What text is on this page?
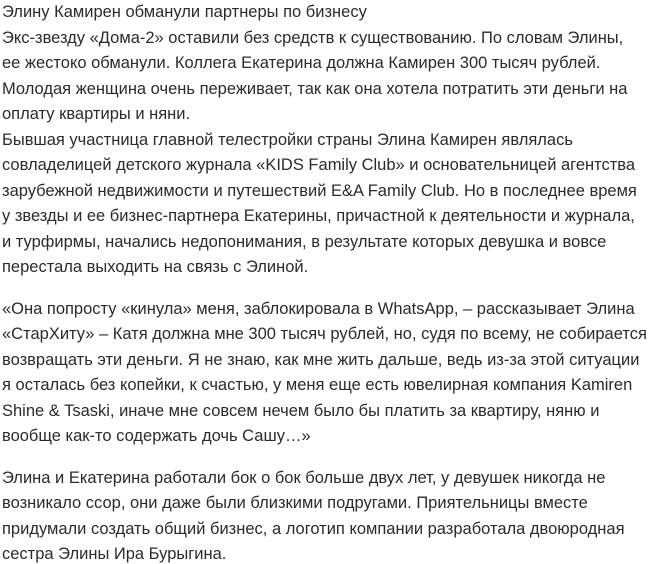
Элину Камирен обманули партнеры по бизнесу

Экс-звезду «Дома-2» оставили без средств к существованию. По словам Элины,
ее жестоко обманули. Коллега Екатерина должна Камирен 300 тысяч рублей.
Молодая женщина очень переживает, так как она хотела потратить эти деньги на
оплату квартиры и няни.

Бывшая участница главной телестройки страны Элина Камирен являлась
совладелицей детского журнала «KIDS Family Club» и основательницей агентства
зарубежной недвижимости и путешествий E&A Family Club. Но в последнее время
у звезды и ее бизнес-партнера Екатерины, причастной к деятельности и журнала,
и турфирмы, начались недопонимания, в результате которых девушка и вовсе
перестала выходить на связь с Элиной.

«Она попросту «кинула» меня, заблокировала в WhatsApp, – рассказывает Элина
«СтарХиту» – Катя должна мне 300 тысяч рублей, но, судя по всему, не собирается
возвращать эти деньги. Я не знаю, как мне жить дальше, ведь из-за этой ситуации
я осталась без копейки, к счастью, у меня еще есть ювелирная компания Kamiren
Shine & Tsaski, иначе мне совсем нечем было бы платить за квартиру, няню и
вообще как-то содержать дочь Сашу…»

Элина и Екатерина работали бок о бок больше двух лет, у девушек никогда не
возникало ссор, они даже были близкими подругами. Приятельницы вместе
придумали создать общий бизнес, а логотип компании разработала двоюродная
сестра Элины Ира Бурыгина.
